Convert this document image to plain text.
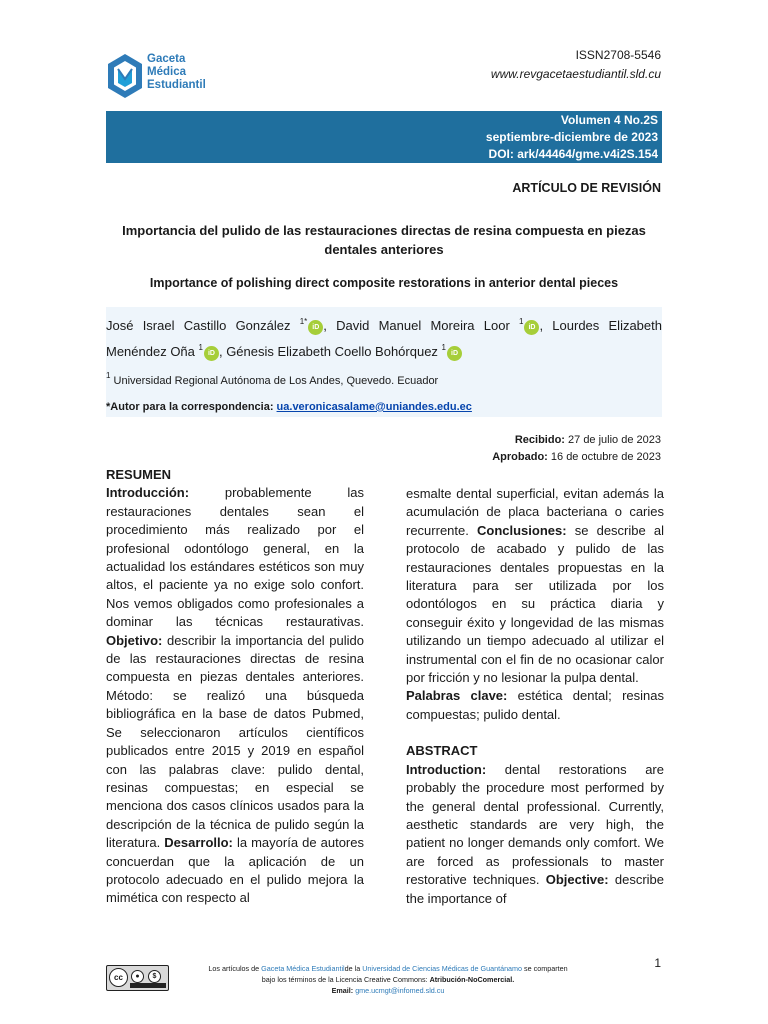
Gaceta
Médica
Estudiantil
ISSN2708-5546
www.revgacetaestudiantil.sld.cu
Volumen 4 No.2S
septiembre-diciembre de 2023
DOI: ark/44464/gme.v4i2S.154
ARTÍCULO DE REVISIÓN
Importancia del pulido de las restauraciones directas de resina compuesta en piezas dentales anteriores
Importance of polishing direct composite restorations in anterior dental pieces
José Israel Castillo González $^{1*}$iD , David Manuel Moreira Loor $^1$iD , Lourdes Elizabeth Menéndez Oña $^1$iD , Génesis Elizabeth Coello Bohórquez $^1$iD
$^1$ Universidad Regional Autónoma de Los Andes, Quevedo. Ecuador
*Autor para la correspondencia: ua.veronicasalame@uniandes.edu.ec
Recibido: 27 de julio de 2023
Aprobado: 16 de octubre de 2023
RESUMEN

Introducción: probablemente las restauraciones dentales sean el procedimiento más realizado por el profesional odontólogo general, en la actualidad los estándares estéticos son muy altos, el paciente ya no exige solo confort. Nos vemos obligados como profesionales a dominar las técnicas restaurativas. Objetivo: describir la importancia del pulido de las restauraciones directas de resina compuesta en piezas dentales anteriores. Método: se realizó una búsqueda bibliográfica en la base de datos Pubmed, Se seleccionaron artículos científicos publicados entre 2015 y 2019 en español con las palabras clave: pulido dental, resinas compuestas; en especial se menciona dos casos clínicos usados para la descripción de la técnica de pulido según la literatura. Desarrollo: la mayoría de autores concuerdan que la aplicación de un protocolo adecuado en el pulido mejora la mimética con respecto al

esmalte dental superficial, evitan además la acumulación de placa bacteriana o caries recurrente. Conclusiones: se describe al protocolo de acabado y pulido de las restauraciones dentales propuestas en la literatura para ser utilizada por los odontólogos en su práctica diaria y conseguir éxito y longevidad de las mismas utilizando un tiempo adecuado al utilizar el instrumental con el fin de no ocasionar calor por fricción y no lesionar la pulpa dental.

Palabras clave: estética dental; resinas compuestas; pulido dental.

ABSTRACT

Introduction: dental restorations are probably the procedure most performed by the general dental professional. Currently, aesthetic standards are very high, the patient no longer demands only comfort. We are forced as professionals to master restorative techniques. Objective: describe the importance of

cc	●	$
Los artículos de Gaceta Médica Estudiantilde la Universidad de Ciencias Médicas de Guantánamo se comparten
bajo los términos de la Licencia Creative Commons: Atribución-NoComercial.
Email: gme.ucmgt@infomed.sld.cu
1
